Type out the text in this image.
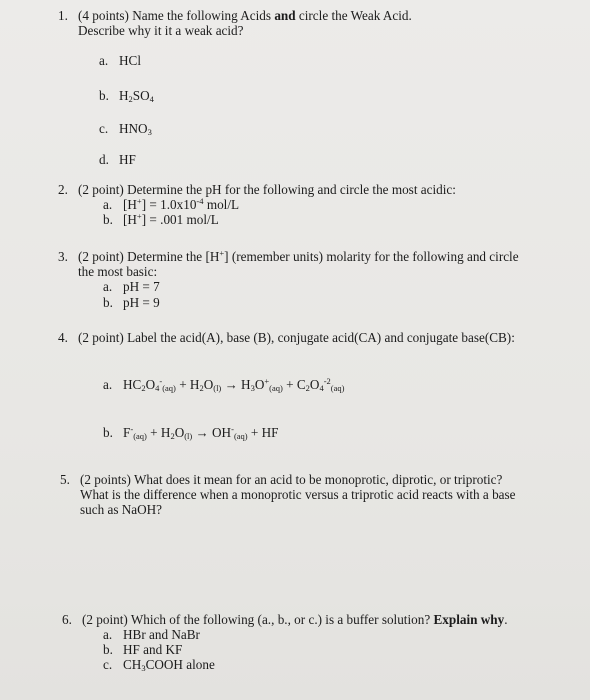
1. (4 points) Name the following Acids and circle the Weak Acid.
Describe why it it a weak acid?
a. HCl
b. $H_2SO_4$
c. $HNO_3$
d. HF
2. (2 point) Determine the pH for the following and circle the most acidic:
a. $[H^+] = 1.0x10^{-4}$ mol/L
b. [H+] = .001 mol/L
3. (2 point) Determine the [H+] (remember units) molarity for the following and circle
the most basic:
a. pH = 7
b. pH = 9
4. (2 point) Label the acid(A), base (B), conjugate acid(CA) and conjugate base(CB):
a. $HC_2O_4^-_{(aq)} + H_2O_{(l)} \to H_3O^+_{(aq)} + C_2O_4^{-2}_{(aq)}$
b. $F^-_{(aq)} + H_2O_{(l)} \to OH^-_{(aq)}$ + HF
5. (2 points) What does it mean for an acid to be monoprotic, diprotic, or triprotic?
What is the difference when a monoprotic versus a triprotic acid reacts with a base
such as NaOH?
6. (2 point) Which of the following (a., b., or c.) is a buffer solution? Explain why.
a. HBr and NaBr
b. HF and KF
c. $CH_3COOH$ alone
